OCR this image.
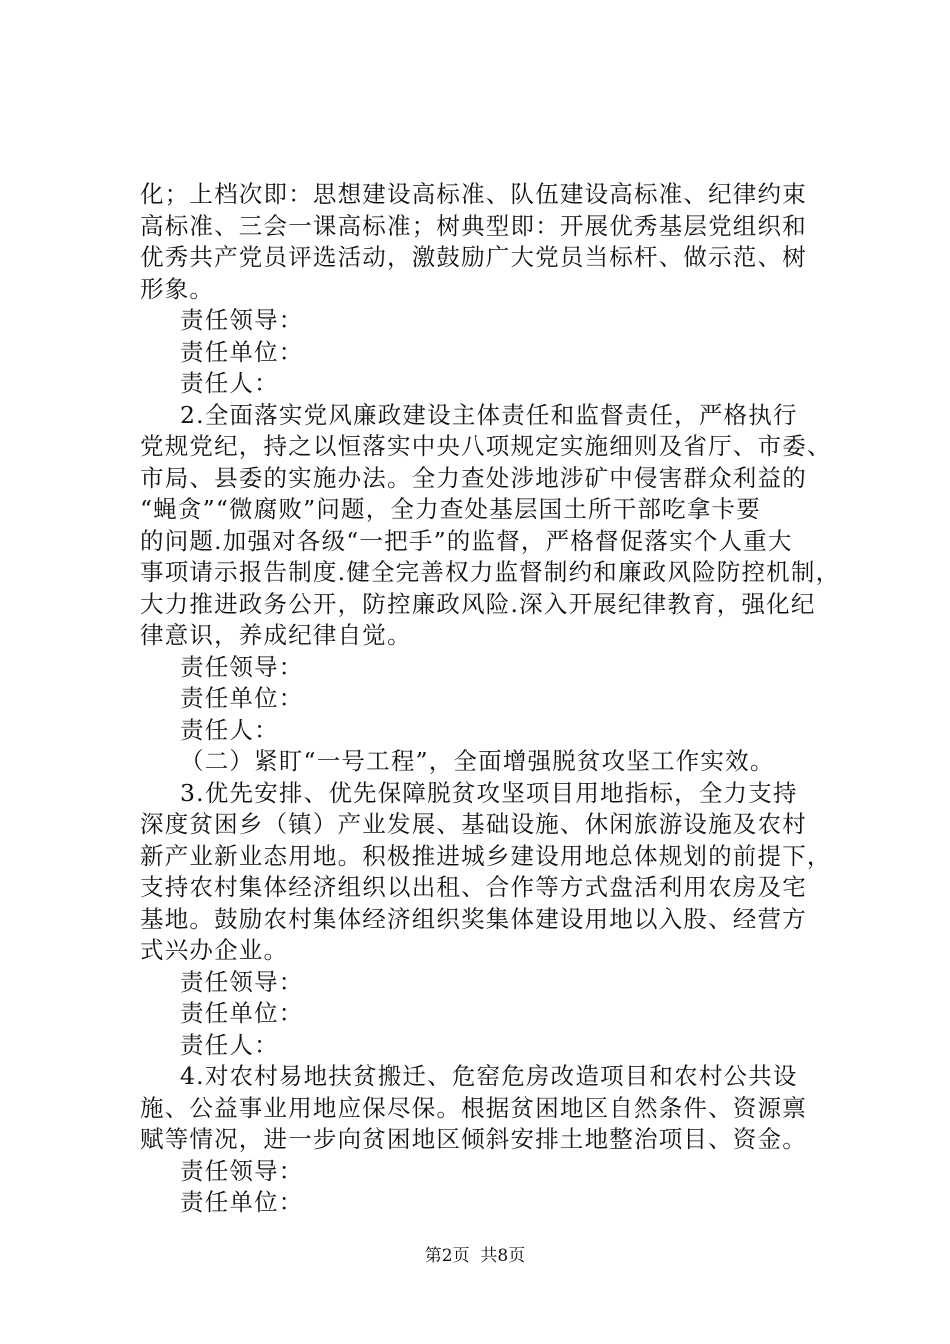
化；上档次即：思想建设高标准、队伍建设高标准、纪律约束
高标准、三会一课高标准；树典型即：开展优秀基层党组织和
优秀共产党员评选活动，激鼓励广大党员当标杆、做示范、树
形象。
责任领导：
责任单位：
责任人：
2.全面落实党风廉政建设主体责任和监督责任，严格执行
党规党纪，持之以恒落实中央八项规定实施细则及省厅、市委、
市局、县委的实施办法。全力查处涉地涉矿中侵害群众利益的
“蝇贪”“微腐败”问题，全力查处基层国土所干部吃拿卡要
的问题.加强对各级“一把手”的监督，严格督促落实个人重大
事项请示报告制度.健全完善权力监督制约和廉政风险防控机制，
大力推进政务公开，防控廉政风险.深入开展纪律教育，强化纪
律意识，养成纪律自觉。
责任领导：
责任单位：
责任人：
（二）紧盯“一号工程”，全面增强脱贫攻坚工作实效。
3.优先安排、优先保障脱贫攻坚项目用地指标，全力支持
深度贫困乡（镇）产业发展、基础设施、休闲旅游设施及农村
新产业新业态用地。积极推进城乡建设用地总体规划的前提下，
支持农村集体经济组织以出租、合作等方式盘活利用农房及宅
基地。鼓励农村集体经济组织奖集体建设用地以入股、经营方
式兴办企业。
责任领导：
责任单位：
责任人：
4.对农村易地扶贫搬迁、危窑危房改造项目和农村公共设
施、公益事业用地应保尽保。根据贫困地区自然条件、资源禀
赋等情况，进一步向贫困地区倾斜安排土地整治项目、资金。
责任领导：
责任单位：
第2页 共8页
